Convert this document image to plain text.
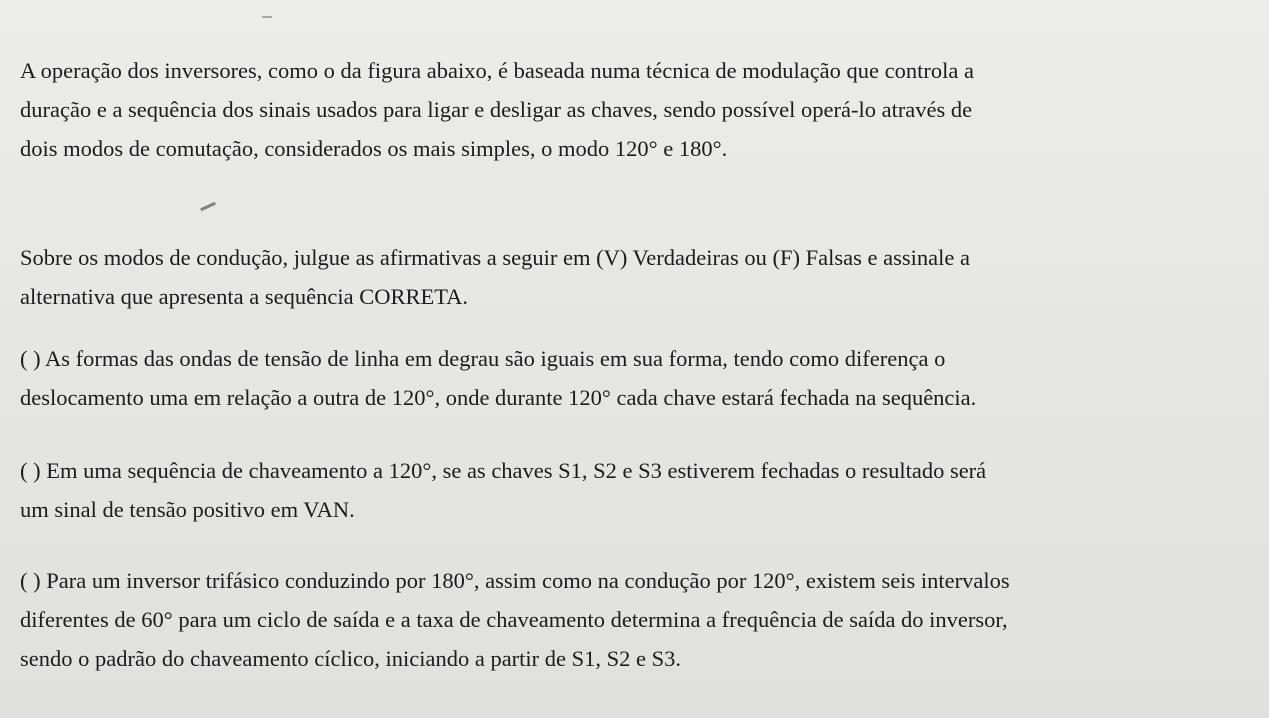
A operação dos inversores, como o da figura abaixo, é baseada numa técnica de modulação que controla a
duração e a sequência dos sinais usados para ligar e desligar as chaves, sendo possível operá-lo através de
dois modos de comutação, considerados os mais simples, o modo 120° e 180°.

Sobre os modos de condução, julgue as afirmativas a seguir em (V) Verdadeiras ou (F) Falsas e assinale a
alternativa que apresenta a sequência CORRETA.

( ) As formas das ondas de tensão de linha em degrau são iguais em sua forma, tendo como diferença o
deslocamento uma em relação a outra de 120°, onde durante 120° cada chave estará fechada na sequência.

( ) Em uma sequência de chaveamento a 120°, se as chaves S1, S2 e S3 estiverem fechadas o resultado será
um sinal de tensão positivo em VAN.

( ) Para um inversor trifásico conduzindo por 180°, assim como na condução por 120°, existem seis intervalos
diferentes de 60° para um ciclo de saída e a taxa de chaveamento determina a frequência de saída do inversor,
sendo o padrão do chaveamento cíclico, iniciando a partir de S1, S2 e S3.
